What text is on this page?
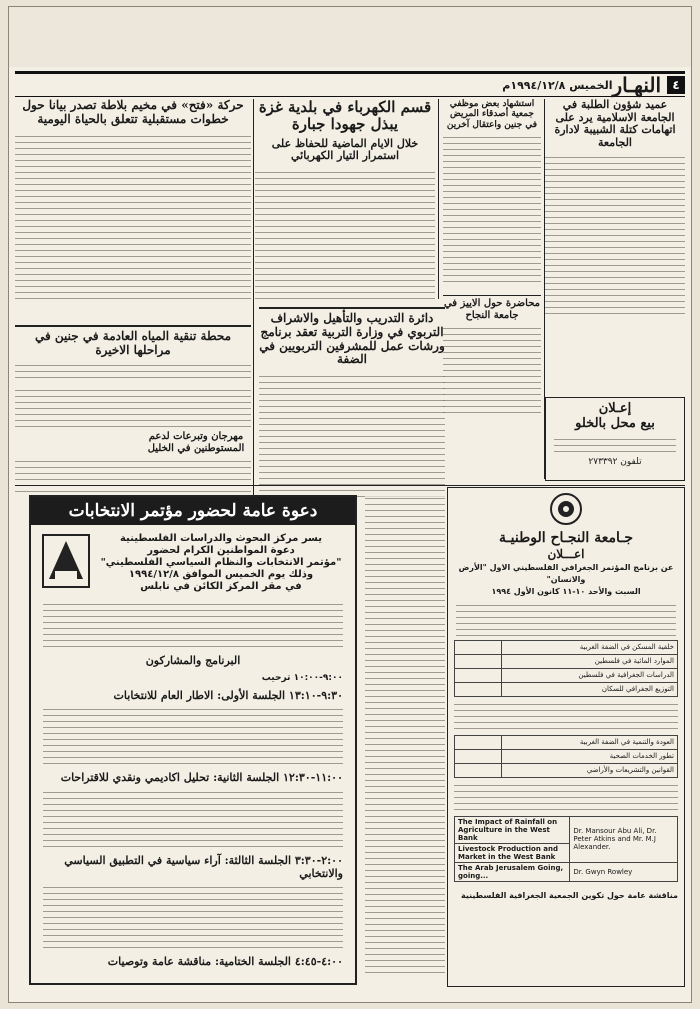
٤
النهـار
الخميس ١٩٩٤/١٢/٨م
عميد شؤون الطلبة في الجامعة الاسلامية يرد على اتهامات كتلة الشبيبة لادارة الجامعة
استشهاد بعض موظفي جمعية أصدقاء المريض في جنين واعتقال آخرين
محاضرة حول الاييز في جامعة النجاح
إعـلان
بيع محل بالخلو
تلفون ٢٧٣٣٩٢
قسم الكهرباء في بلدية غزة يبذل جهودا جبارة
خلال الايام الماضية للحفاظ على استمرار التيار الكهربائي
حركة «فتح» في مخيم بلاطة تصدر بيانا حول خطوات مستقبلية تتعلق بالحياة اليومية
دائرة التدريب والتأهيل والاشراف التربوي في وزارة التربية تعقد برنامج ورشات عمل للمشرفين التربويين في الضفة
محطة تنقية المياه العادمة في جنين في مراحلها الاخيرة
مهرجان وتبرعات لدعم المستوطنين في الخليل
دعوة عامة لحضور مؤتمر الانتخابات
يسر مركز البحوث والدراسات الفلسطينية
دعوة المواطنين الكرام لحضور
"مؤتمر الانتخابات والنظام السياسي الفلسطيني"
وذلك يوم الخميس الموافق ١٩٩٤/١٢/٨
في مقر المركز الكائن في نابلس
البرنامج والمشاركون
٩:٠٠-١٠:٠٠ ترحيب
٩:٣٠-١٣:١٠ الجلسة الأولى: الاطار العام للانتخابات
١١:٠٠-١٢:٣٠ الجلسة الثانية: تحليل اكاديمي ونقدي للاقتراحات
٢:٠٠-٣:٣٠ الجلسة الثالثة: آراء سياسية في التطبيق السياسي والانتخابي
٤:٠٠-٤:٤٥ الجلسة الختامية: مناقشة عامة وتوصيات
جـامعة النجـاح الوطنيـة
اعـــلان
عن برنامج المؤتمر الجغرافي الفلسطيني الاول "الأرض والانسان"
السبت والأحد ١٠-١١ كانون الأول ١٩٩٤
خلفية المسكن في الضفة الغربية	
الموارد المائية في فلسطين	
الدراسات الجغرافية في فلسطين	
التوزيع الجغرافي للسكان	
العودة والتنمية في الضفة الغربية	
تطور الخدمات الصحية	
القوانين والتشريعات والأراضي	
The Impact of Rainfall on Agriculture in the West Bank	Dr. Mansour Abu Ali, Dr. Peter Atkins and Mr. M.J Alexander.
Livestock Production and Market in the West Bank	
The Arab Jerusalem Going, going...	Dr. Gwyn Rowley
مناقشة عامة حول تكوين الجمعية الجغرافية الفلسطينية
